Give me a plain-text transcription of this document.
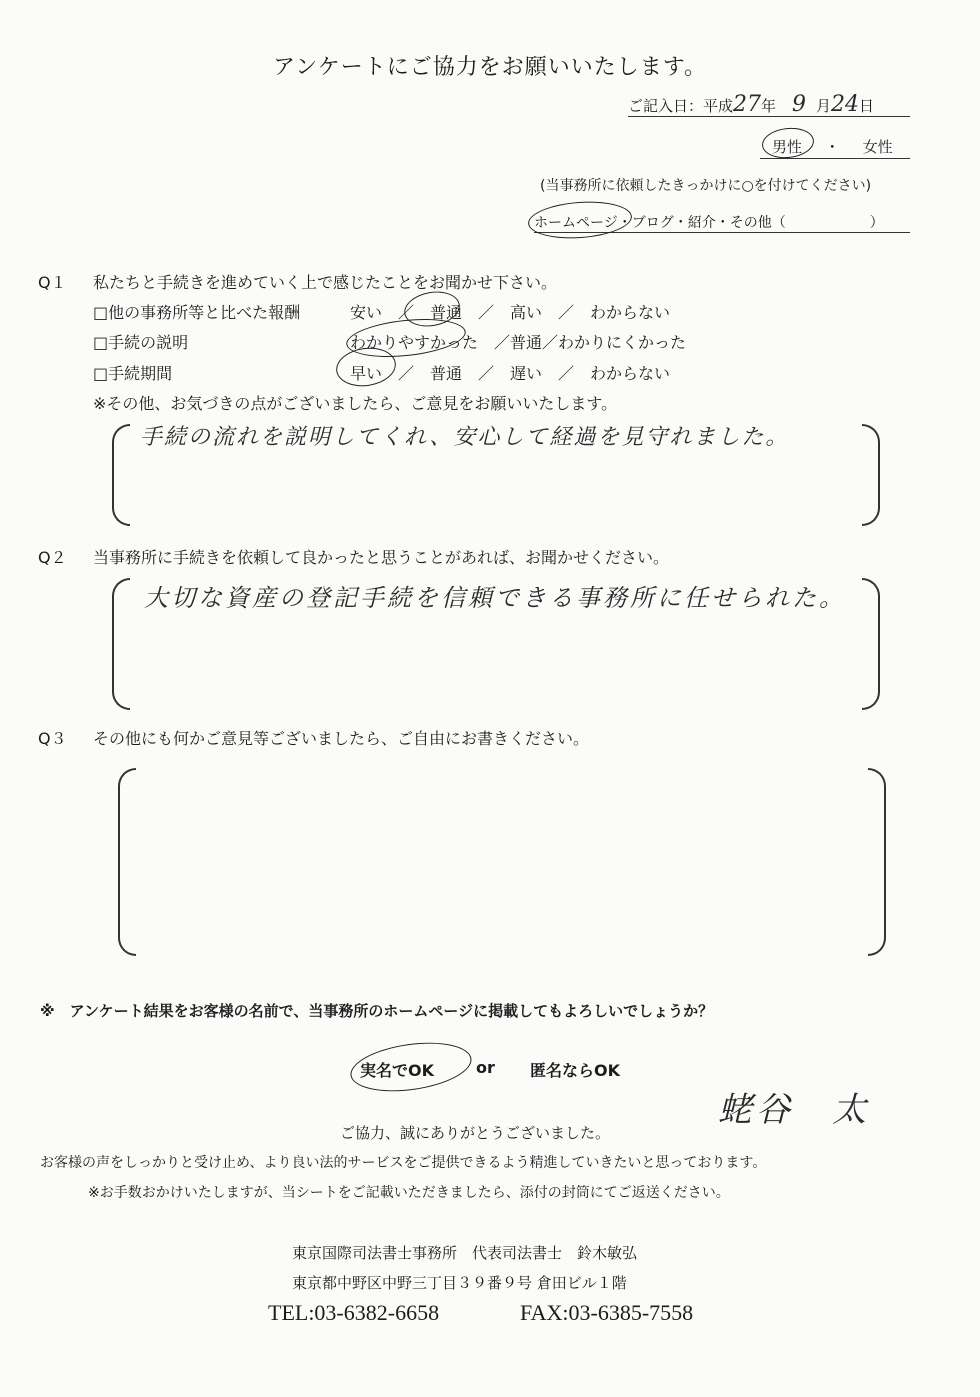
アンケートにご協力をお願いいたします。
ご記入日：平成27年 9 月24日
男性 ・ 女性
(当事務所に依頼したきっかけに○を付けてください)
ホームページ・ブログ・紹介・その他（　　　　　　）
Q１ 私たちと手続きを進めていく上で感じたことをお聞かせ下さい。
□他の事務所等と比べた報酬	安い　／　普通　／　高い　／　わからない
□手続の説明	わかりやすかった　／普通／わかりにくかった
□手続期間	早い　／　普通　／　遅い　／　わからない
※その他、お気づきの点がございましたら、ご意見をお願いいたします。
手続の流れを説明してくれ、安心して経過を見守れました。
Q２ 当事務所に手続きを依頼して良かったと思うことがあれば、お聞かせください。
大切な資産の登記手続を信頼できる事務所に任せられた。
Q３ その他にも何かご意見等ございましたら、ご自由にお書きください。
※　アンケート結果をお客様の名前で、当事務所のホームページに掲載してもよろしいでしょうか？
実名でOK	or 匿名ならOK
蛯谷　太
ご協力、誠にありがとうございました。
お客様の声をしっかりと受け止め、より良い法的サービスをご提供できるよう精進していきたいと思っております。
※お手数おかけいたしますが、当シートをご記載いただきましたら、添付の封筒にてご返送ください。
東京国際司法書士事務所　代表司法書士　鈴木敏弘
東京都中野区中野三丁目３９番９号 倉田ビル１階
TEL:03-6382-6658	FAX:03-6385-7558
